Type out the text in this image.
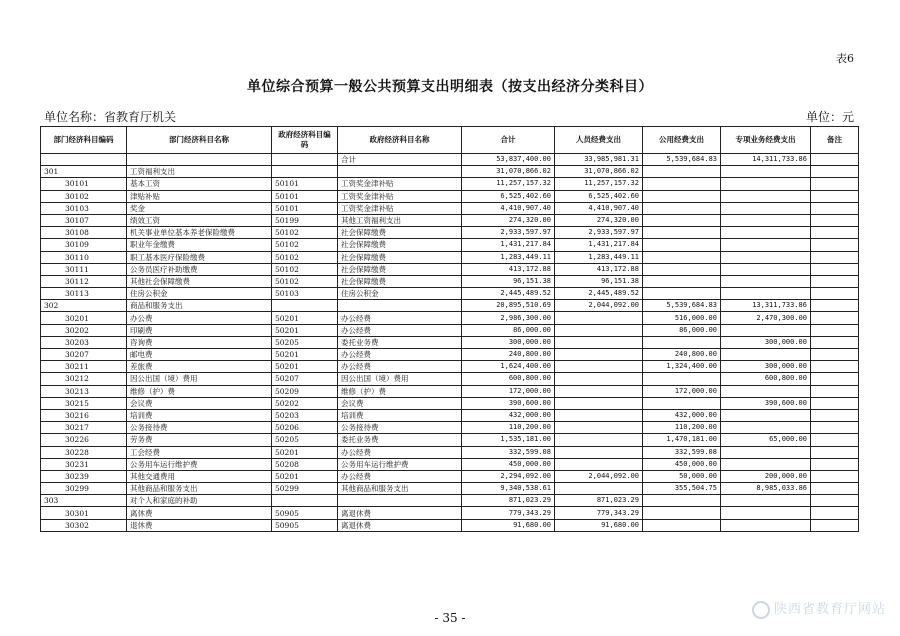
表6
单位综合预算一般公共预算支出明细表（按支出经济分类科目）
单位名称：省教育厅机关	单位：元
部门经济科目编码	部门经济科目名称	政府经济科目编码	政府经济科目名称	合计	人员经费支出	公用经费支出	专项业务经费支出	备注
			合计	53,837,400.00	33,985,981.31	5,539,684.83	14,311,733.86	
301	工资福利支出			31,070,866.02	31,070,866.02			
30101	基本工资	50101	工资奖金津补贴	11,257,157.32	11,257,157.32			
30102	津贴补贴	50101	工资奖金津补贴	6,525,402.60	6,525,402.60			
30103	奖金	50101	工资奖金津补贴	4,410,907.40	4,410,907.40			
30107	绩效工资	50199	其他工资福利支出	274,320.00	274,320.00			
30108	机关事业单位基本养老保险缴费	50102	社会保障缴费	2,933,597.97	2,933,597.97			
30109	职业年金缴费	50102	社会保障缴费	1,431,217.84	1,431,217.84			
30110	职工基本医疗保险缴费	50102	社会保障缴费	1,283,449.11	1,283,449.11			
30111	公务员医疗补助缴费	50102	社会保障缴费	413,172.88	413,172.88			
30112	其他社会保障缴费	50102	社会保障缴费	96,151.38	96,151.38			
30113	住房公积金	50103	住房公积金	2,445,489.52	2,445,489.52			
302	商品和服务支出			20,895,510.69	2,044,092.00	5,539,684.83	13,311,733.86	
30201	办公费	50201	办公经费	2,986,300.00		516,000.00	2,470,300.00	
30202	印刷费	50201	办公经费	86,000.00		86,000.00		
30203	咨询费	50205	委托业务费	300,000.00			300,000.00	
30207	邮电费	50201	办公经费	240,800.00		240,800.00		
30211	差旅费	50201	办公经费	1,624,400.00		1,324,400.00	300,000.00	
30212	因公出国（境）费用	50207	因公出国（境）费用	600,800.00			600,800.00	
30213	维修（护）费	50209	维修（护）费	172,000.00		172,000.00		
30215	会议费	50202	会议费	390,600.00			390,600.00	
30216	培训费	50203	培训费	432,000.00		432,000.00		
30217	公务接待费	50206	公务接待费	110,200.00		110,200.00		
30226	劳务费	50205	委托业务费	1,535,181.00		1,470,181.00	65,000.00	
30228	工会经费	50201	办公经费	332,599.08		332,599.08		
30231	公务用车运行维护费	50208	公务用车运行维护费	450,000.00		450,000.00		
30239	其他交通费用	50201	办公经费	2,294,092.00	2,044,092.00	50,000.00	200,000.00	
30299	其他商品和服务支出	50299	其他商品和服务支出	9,340,538.61		355,504.75	8,985,033.86	
303	对个人和家庭的补助			871,023.29	871,023.29			
30301	离休费	50905	离退休费	779,343.29	779,343.29			
30302	退休费	50905	离退休费	91,680.00	91,680.00			
- 35 -
陕西省教育厅网站
